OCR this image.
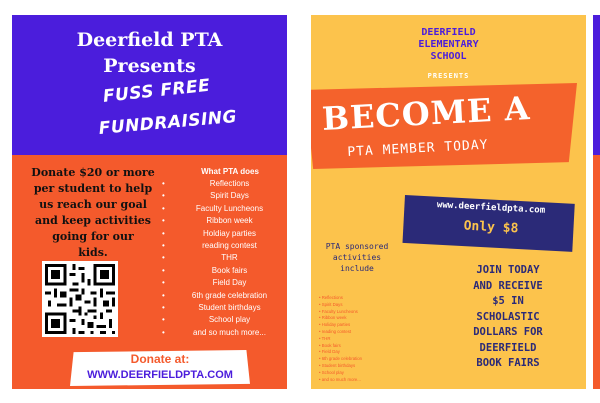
Deerfield PTA
Presents
FUSS FREE
FUNDRAISING
Donate $20 or more
per student to help
us reach our goal
and keep activities
going for our
kids.
What PTA does
• Reflections
• Spirit Days
• Faculty Luncheons
• Ribbon week
• Holdiay parties
• reading contest
• THR
• Book fairs
• Field Day
• 6th grade celebration
• Student birthdays
• School play
• and so much more...
Donate at:
WWW.DEERFIELDPTA.COM
DEERFIELD
ELEMENTARY
SCHOOL
PRESENTS
BECOME A
PTA MEMBER TODAY
www.deerfieldpta.com
Only $8
PTA sponsored
activities
include
• Reflections
• Spirit Days
• Faculty Luncheons
• Ribbon week
• Holiday parties
• reading contest
• THR
• Book fairs
• Field Day
• 6th grade celebration
• Student birthdays
• School play
• and so much more...
JOIN TODAY
AND RECEIVE
$5 IN
SCHOLASTIC
DOLLARS FOR
DEERFIELD
BOOK FAIRS
